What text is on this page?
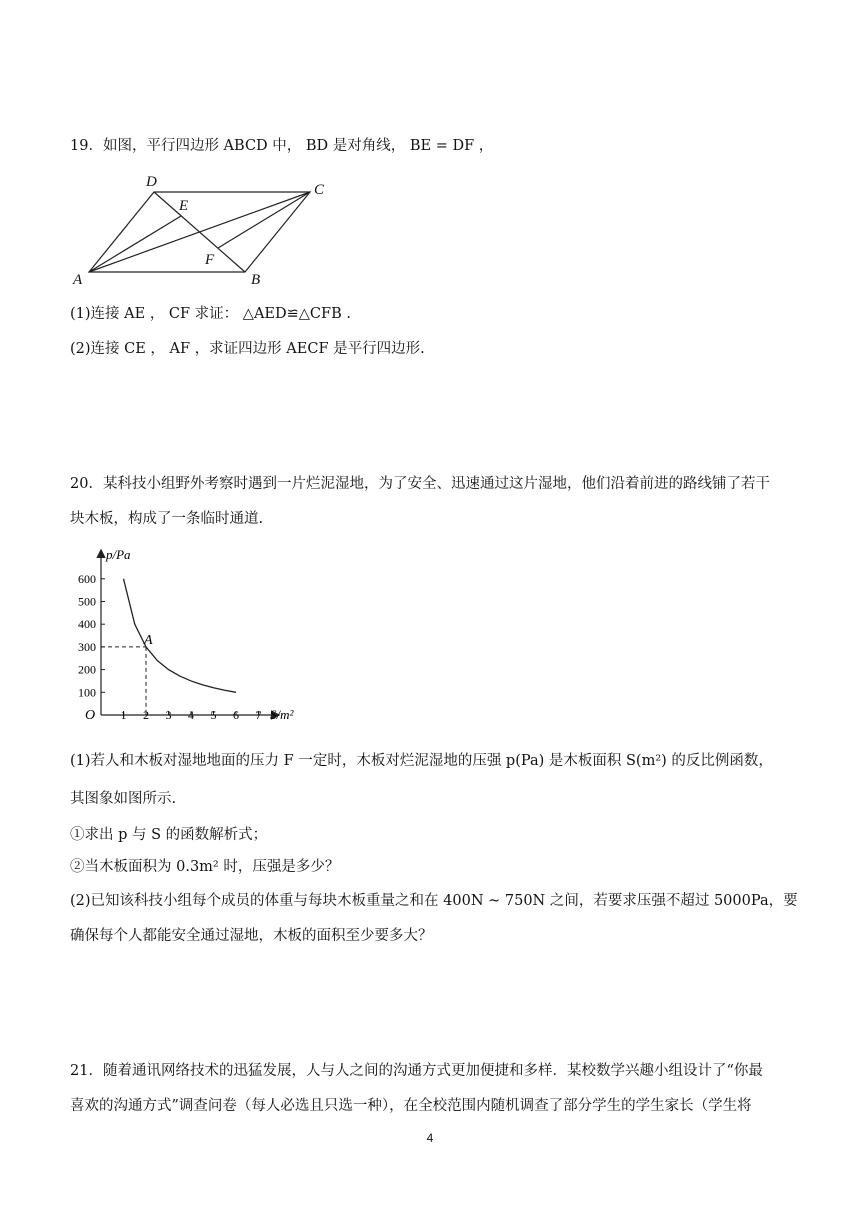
19．如图，平行四边形 ABCD 中， BD 是对角线， BE = DF ，
A	B
C
D
E
F
(1)连接 AE ， CF 求证： △AED≌△CFB .
(2)连接 CE ， AF ，求证四边形 AECF 是平行四边形.
20．某科技小组野外考察时遇到一片烂泥湿地，为了安全、迅速通过这片湿地，他们沿着前进的路线铺了若干
块木板，构成了一条临时通道.
p/Pa
S/m²
O
100
200
300
400
500
600
1 2 3 4 5 6 7
A
(1)若人和木板对湿地地面的压力 F 一定时，木板对烂泥湿地的压强 p(Pa) 是木板面积 S(m²) 的反比例函数，
其图象如图所示.
①求出 p 与 S 的函数解析式；
②当木板面积为 0.3m² 时，压强是多少？
(2)已知该科技小组每个成员的体重与每块木板重量之和在 400N ~ 750N 之间，若要求压强不超过 5000Pa，要
确保每个人都能安全通过湿地，木板的面积至少要多大？
21．随着通讯网络技术的迅猛发展，人与人之间的沟通方式更加便捷和多样．某校数学兴趣小组设计了“你最
喜欢的沟通方式”调查问卷（每人必选且只选一种），在全校范围内随机调查了部分学生的学生家长（学生将
4
